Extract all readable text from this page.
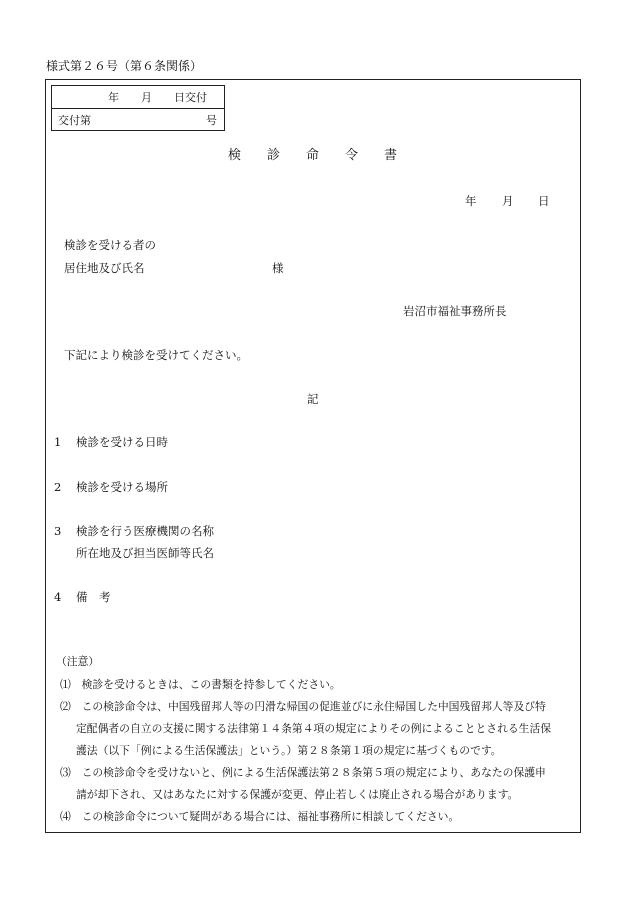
様式第２６号（第６条関係）
年　　月　　日交付
交付第	号
検 診 命 令 書
年 月 日
検診を受ける者の
居住地及び氏名	様
岩沼市福祉事務所長
下記により検診を受けてください。
記
1 検診を受ける日時
2 検診を受ける場所
3 検診を行う医療機関の名称
所在地及び担当医師等氏名
4 備　考
（注意）
⑴　検診を受けるときは、この書類を持参してください。
⑵　この検診命令は、中国残留邦人等の円滑な帰国の促進並びに永住帰国した中国残留邦人等及び特
定配偶者の自立の支援に関する法律第１４条第４項の規定によりその例によることとされる生活保
護法（以下「例による生活保護法」という。）第２８条第１項の規定に基づくものです。
⑶　この検診命令を受けないと、例による生活保護法第２８条第５項の規定により、あなたの保護申
請が却下され、又はあなたに対する保護が変更、停止若しくは廃止される場合があります。
⑷　この検診命令について疑問がある場合には、福祉事務所に相談してください。
